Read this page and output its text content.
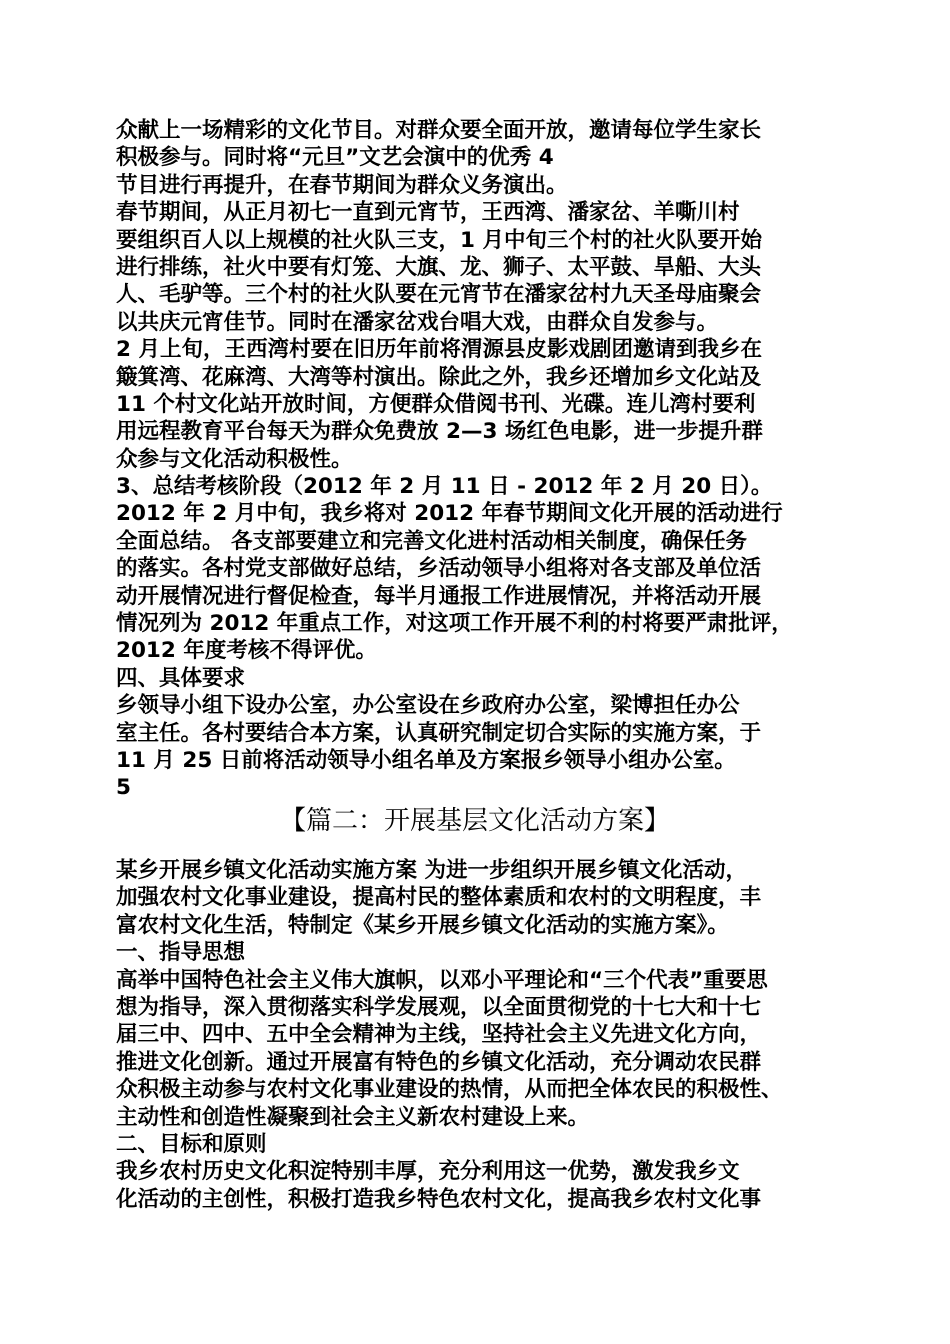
众献上一场精彩的文化节目。对群众要全面开放，邀请每位学生家长
积极参与。同时将“元旦”文艺会演中的优秀 4
节目进行再提升，在春节期间为群众义务演出。
春节期间，从正月初七一直到元宵节，王西湾、潘家岔、羊嘶川村
要组织百人以上规模的社火队三支，1 月中旬三个村的社火队要开始
进行排练，社火中要有灯笼、大旗、龙、狮子、太平鼓、旱船、大头
人、毛驴等。三个村的社火队要在元宵节在潘家岔村九天圣母庙聚会
以共庆元宵佳节。同时在潘家岔戏台唱大戏，由群众自发参与。
2 月上旬，王西湾村要在旧历年前将渭源县皮影戏剧团邀请到我乡在
簸箕湾、花麻湾、大湾等村演出。除此之外，我乡还增加乡文化站及
11 个村文化站开放时间，方便群众借阅书刊、光碟。连儿湾村要利
用远程教育平台每天为群众免费放 2—3 场红色电影，进一步提升群
众参与文化活动积极性。
3、总结考核阶段（2012 年 2 月 11 日 - 2012 年 2 月 20 日）。
2012 年 2 月中旬，我乡将对 2012 年春节期间文化开展的活动进行
全面总结。 各支部要建立和完善文化进村活动相关制度，确保任务
的落实。各村党支部做好总结，乡活动领导小组将对各支部及单位活
动开展情况进行督促检查，每半月通报工作进展情况，并将活动开展
情况列为 2012 年重点工作，对这项工作开展不利的村将要严肃批评，
2012 年度考核不得评优。
四、具体要求
乡领导小组下设办公室，办公室设在乡政府办公室，梁博担任办公
室主任。各村要结合本方案，认真研究制定切合实际的实施方案，于
11 月 25 日前将活动领导小组名单及方案报乡领导小组办公室。
5
【篇二：开展基层文化活动方案】
某乡开展乡镇文化活动实施方案 为进一步组织开展乡镇文化活动，
加强农村文化事业建设，提高村民的整体素质和农村的文明程度，丰
富农村文化生活，特制定《某乡开展乡镇文化活动的实施方案》。
一、指导思想
高举中国特色社会主义伟大旗帜，以邓小平理论和“三个代表”重要思
想为指导，深入贯彻落实科学发展观，以全面贯彻党的十七大和十七
届三中、四中、五中全会精神为主线，坚持社会主义先进文化方向，
推进文化创新。通过开展富有特色的乡镇文化活动，充分调动农民群
众积极主动参与农村文化事业建设的热情，从而把全体农民的积极性、
主动性和创造性凝聚到社会主义新农村建设上来。
二、目标和原则
我乡农村历史文化积淀特别丰厚，充分利用这一优势，激发我乡文
化活动的主创性，积极打造我乡特色农村文化，提高我乡农村文化事
